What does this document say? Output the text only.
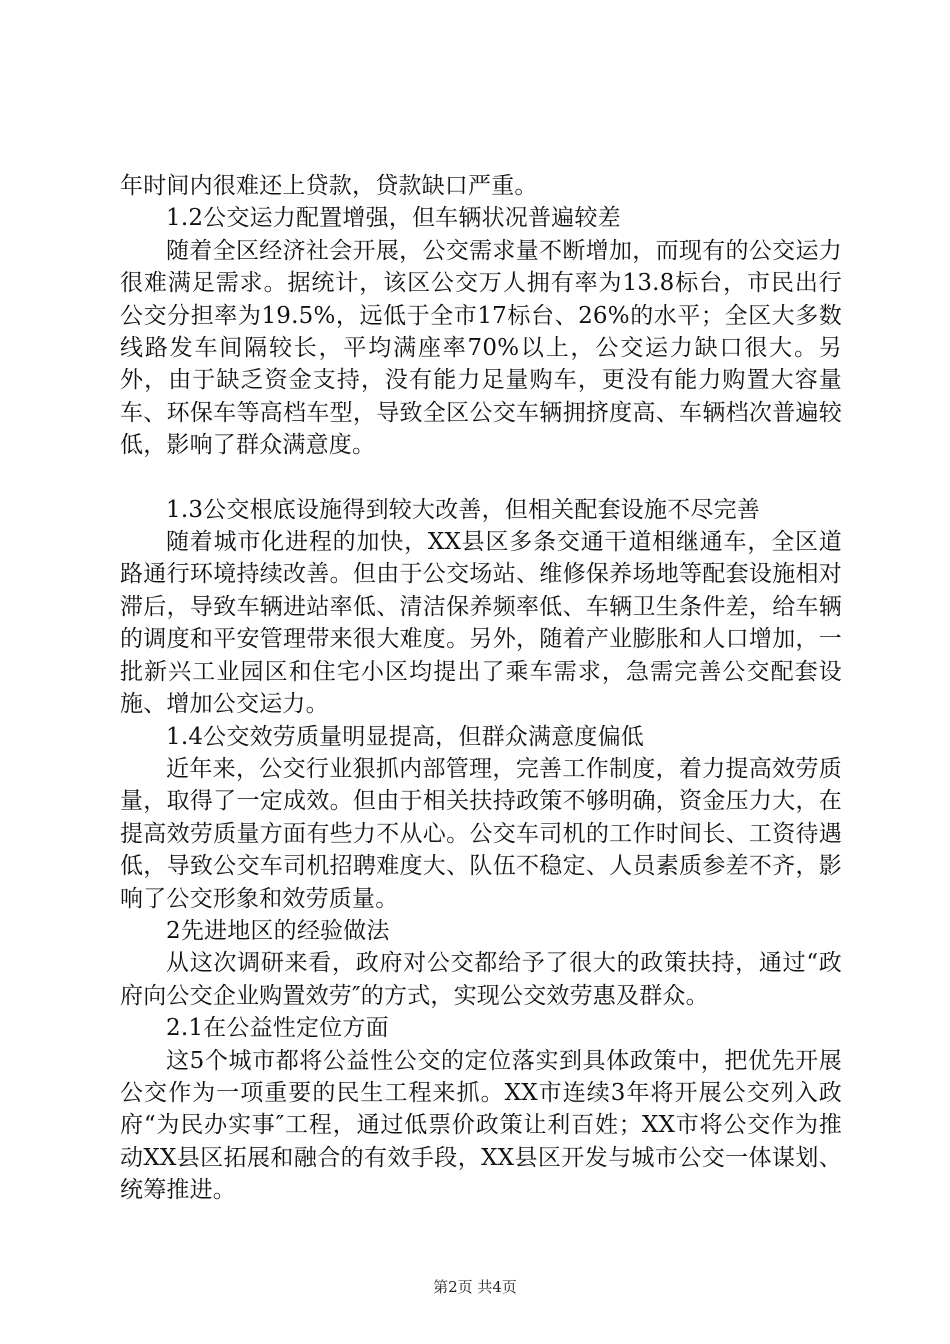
年时间内很难还上贷款，贷款缺口严重。

1.2公交运力配置增强，但车辆状况普遍较差

随着全区经济社会开展，公交需求量不断增加，而现有的公交运力很难满足需求。据统计，该区公交万人拥有率为13.8标台，市民出行公交分担率为19.5%，远低于全市17标台、26%的水平；全区大多数线路发车间隔较长，平均满座率70%以上，公交运力缺口很大。另外，由于缺乏资金支持，没有能力足量购车，更没有能力购置大容量车、环保车等高档车型，导致全区公交车辆拥挤度高、车辆档次普遍较低，影响了群众满意度。

1.3公交根底设施得到较大改善，但相关配套设施不尽完善

随着城市化进程的加快，XX县区多条交通干道相继通车，全区道路通行环境持续改善。但由于公交场站、维修保养场地等配套设施相对滞后，导致车辆进站率低、清洁保养频率低、车辆卫生条件差，给车辆的调度和平安管理带来很大难度。另外，随着产业膨胀和人口增加，一批新兴工业园区和住宅小区均提出了乘车需求，急需完善公交配套设施、增加公交运力。

1.4公交效劳质量明显提高，但群众满意度偏低

近年来，公交行业狠抓内部管理，完善工作制度，着力提高效劳质量，取得了一定成效。但由于相关扶持政策不够明确，资金压力大，在提高效劳质量方面有些力不从心。公交车司机的工作时间长、工资待遇低，导致公交车司机招聘难度大、队伍不稳定、人员素质参差不齐，影响了公交形象和效劳质量。

2先进地区的经验做法

从这次调研来看，政府对公交都给予了很大的政策扶持，通过“政府向公交企业购置效劳″的方式，实现公交效劳惠及群众。

2.1在公益性定位方面

这5个城市都将公益性公交的定位落实到具体政策中，把优先开展公交作为一项重要的民生工程来抓。XX市连续3年将开展公交列入政府“为民办实事″工程，通过低票价政策让利百姓；XX市将公交作为推动XX县区拓展和融合的有效手段，XX县区开发与城市公交一体谋划、统筹推进。

第2页 共4页
